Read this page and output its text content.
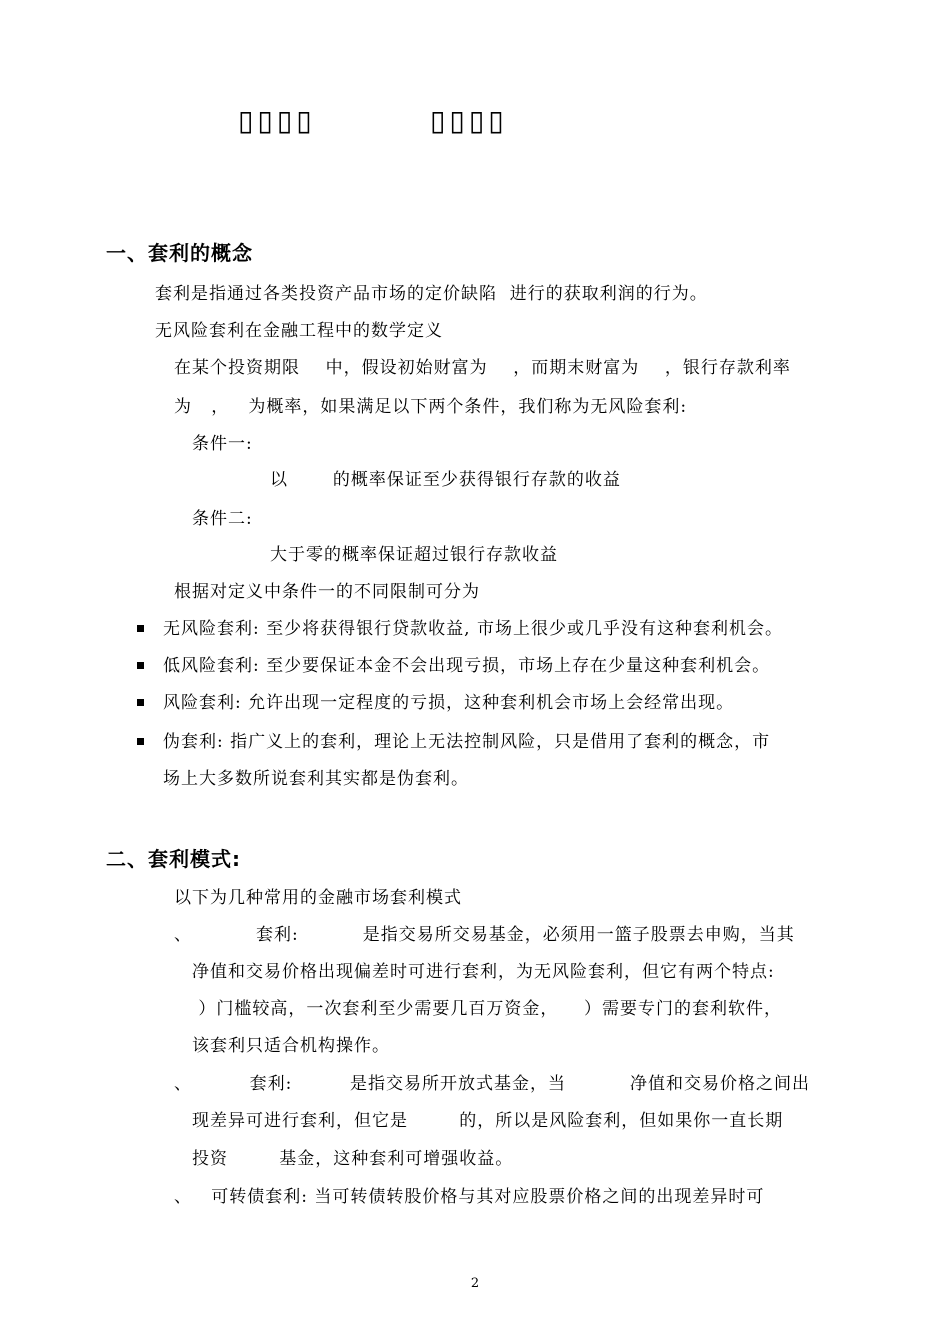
▯▯▯▯	▯▯▯▯
一、套利的概念
套利是指通过各类投资产品市场的定价缺陷  进行的获取利润的行为。
无风险套利在金融工程中的数学定义
在某个投资期限    中，假设初始财富为    ，而期末财富为    ，银行存款利率
为   ，   为概率，如果满足以下两个条件，我们称为无风险套利:
条件一:
以       的概率保证至少获得银行存款的收益
条件二:
大于零的概率保证超过银行存款收益
根据对定义中条件一的不同限制可分为
无风险套利: 至少将获得银行贷款收益, 市场上很少或几乎没有这种套利机会。
低风险套利: 至少要保证本金不会出现亏损，市场上存在少量这种套利机会。
风险套利: 允许出现一定程度的亏损，这种套利机会市场上会经常出现。
伪套利: 指广义上的套利，理论上无法控制风险，只是借用了套利的概念，市
场上大多数所说套利其实都是伪套利。
二、套利模式:
以下为几种常用的金融市场套利模式
、          套利:          是指交易所交易基金，必须用一篮子股票去申购，当其
净值和交易价格出现偏差时可进行套利，为无风险套利，但它有两个特点:
）门槛较高，一次套利至少需要几百万资金，    ）需要专门的套利软件，
该套利只适合机构操作。
、         套利:         是指交易所开放式基金，当          净值和交易价格之间出
现差异可进行套利，但它是        的，所以是风险套利，但如果你一直长期
投资        基金，这种套利可增强收益。
、   可转债套利: 当可转债转股价格与其对应股票价格之间的出现差异时可
2
